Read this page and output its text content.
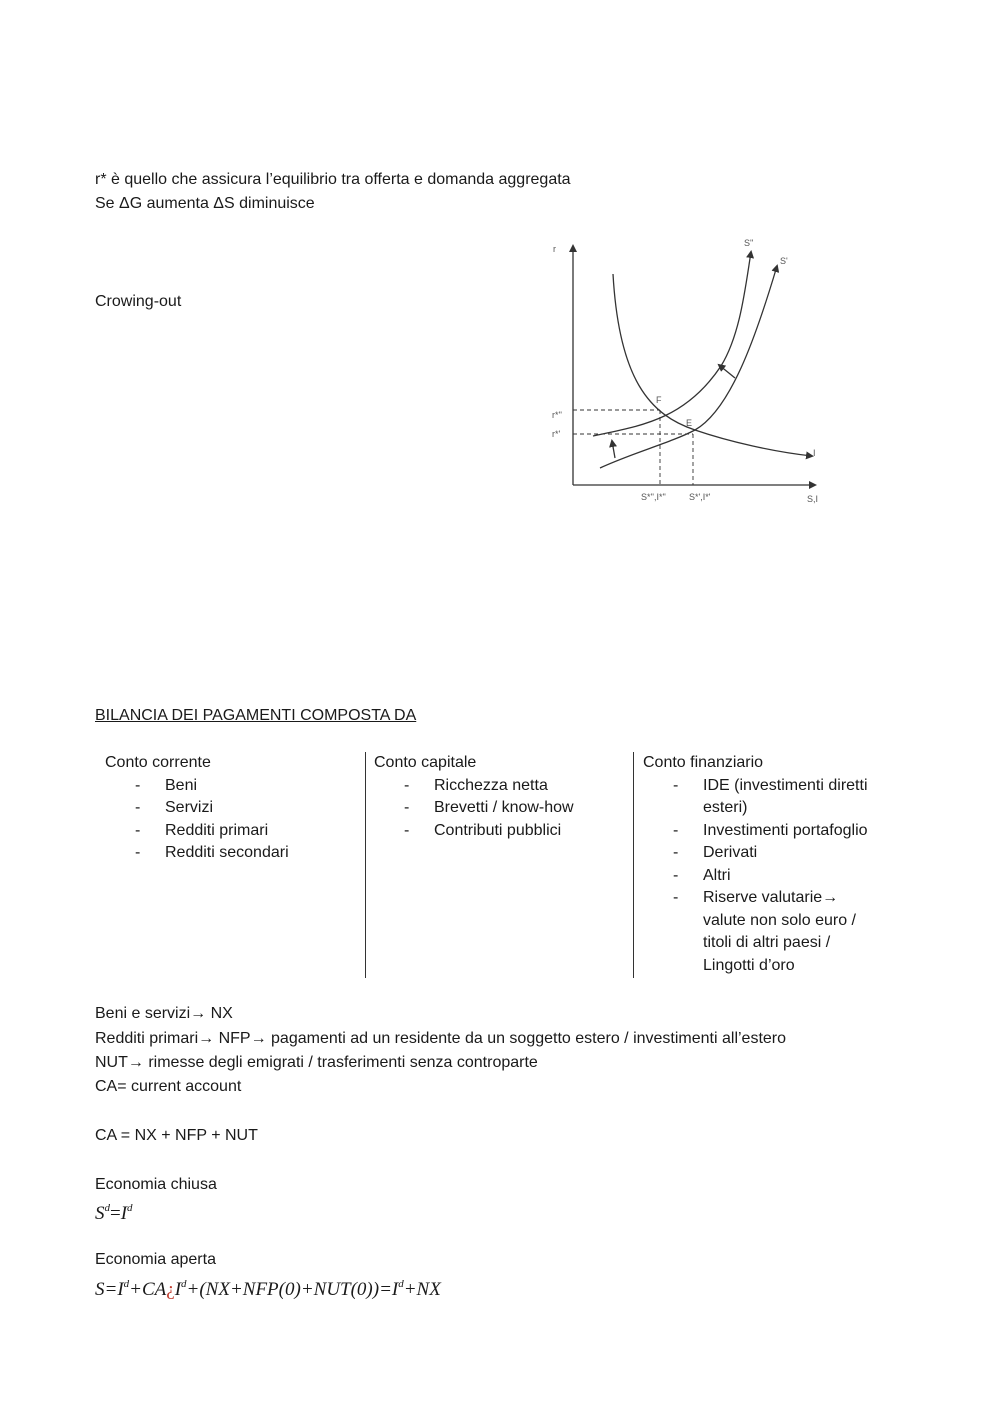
r* è quello che assicura l’equilibrio tra offerta e domanda aggregata
Se ΔG aumenta ΔS diminuisce
Crowing-out
r
S,I
S''
S'
I
F
E
r*''
r*'
S*'',I*''	S*',I*'
BILANCIA DEI PAGAMENTI COMPOSTA DA
Conto corrente
- Beni
- Servizi
- Redditi primari
- Redditi secondari
Conto capitale
- Ricchezza netta
- Brevetti / know-how
- Contributi pubblici
Conto finanziario
- IDE (investimenti diretti
esteri)
- Investimenti portafoglio
- Derivati
- Altri
- Riserve valutarie→
valute non solo euro /
titoli di altri paesi /
Lingotti d’oro
Beni e servizi→ NX
Redditi primari→ NFP→ pagamenti ad un residente da un soggetto estero / investimenti all’estero
NUT→ rimesse degli emigrati / trasferimenti senza controparte
CA= current account
CA = NX + NFP + NUT
Economia chiusa
$S^d=I^d$
Economia aperta
$S=I^d+CA¿I^d+(NX+NFP(0)+NUT(0))=I^d+NX$
